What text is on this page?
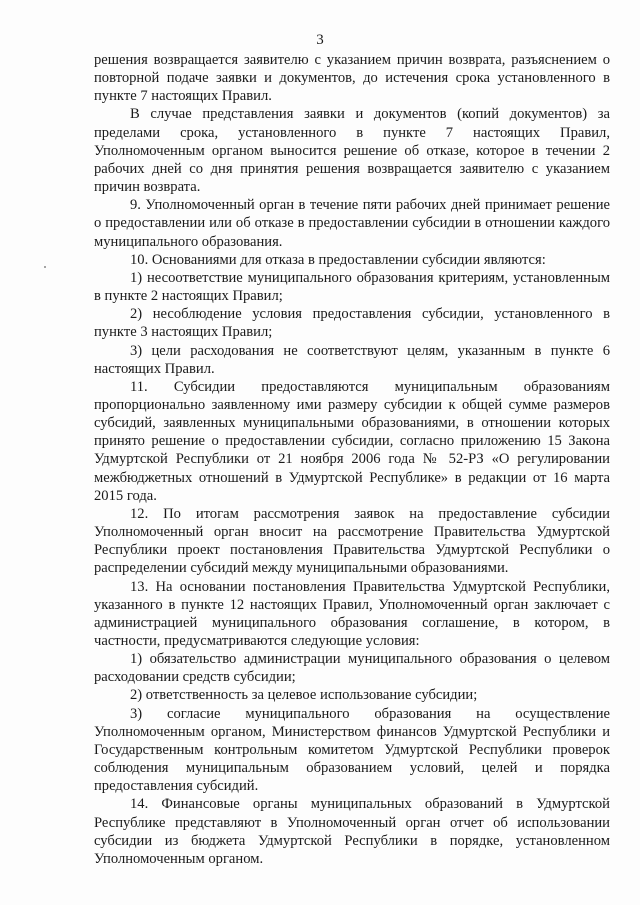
3

решения возвращается заявителю с указанием причин возврата, разъяснением о повторной подаче заявки и документов, до истечения срока установленного в пункте 7 настоящих Правил.

В случае представления заявки и документов (копий документов) за пределами срока, установленного в пункте 7 настоящих Правил, Уполномоченным органом выносится решение об отказе, которое в течении 2 рабочих дней со дня принятия решения возвращается заявителю с указанием причин возврата.

9. Уполномоченный орган в течение пяти рабочих дней принимает решение о предоставлении или об отказе в предоставлении субсидии в отношении каждого муниципального образования.

10. Основаниями для отказа в предоставлении субсидии являются:

1) несоответствие муниципального образования критериям, установленным в пункте 2 настоящих Правил;

2) несоблюдение условия предоставления субсидии, установленного в пункте 3 настоящих Правил;

3) цели расходования не соответствуют целям, указанным в пункте 6 настоящих Правил.

11. Субсидии предоставляются муниципальным образованиям пропорционально заявленному ими размеру субсидии к общей сумме размеров субсидий, заявленных муниципальными образованиями, в отношении которых принято решение о предоставлении субсидии, согласно приложению 15 Закона Удмуртской Республики от 21 ноября 2006 года № 52-РЗ «О регулировании межбюджетных отношений в Удмуртской Республике» в редакции от 16 марта 2015 года.

12. По итогам рассмотрения заявок на предоставление субсидии Уполномоченный орган вносит на рассмотрение Правительства Удмуртской Республики проект постановления Правительства Удмуртской Республики о распределении субсидий между муниципальными образованиями.

13. На основании постановления Правительства Удмуртской Республики, указанного в пункте 12 настоящих Правил, Уполномоченный орган заключает с администрацией муниципального образования соглашение, в котором, в частности, предусматриваются следующие условия:

1) обязательство администрации муниципального образования о целевом расходовании средств субсидии;

2) ответственность за целевое использование субсидии;

3) согласие муниципального образования на осуществление Уполномоченным органом, Министерством финансов Удмуртской Республики и Государственным контрольным комитетом Удмуртской Республики проверок соблюдения муниципальным образованием условий, целей и порядка предоставления субсидий.

14. Финансовые органы муниципальных образований в Удмуртской Республике представляют в Уполномоченный орган отчет об использовании субсидии из бюджета Удмуртской Республики в порядке, установленном Уполномоченным органом.
